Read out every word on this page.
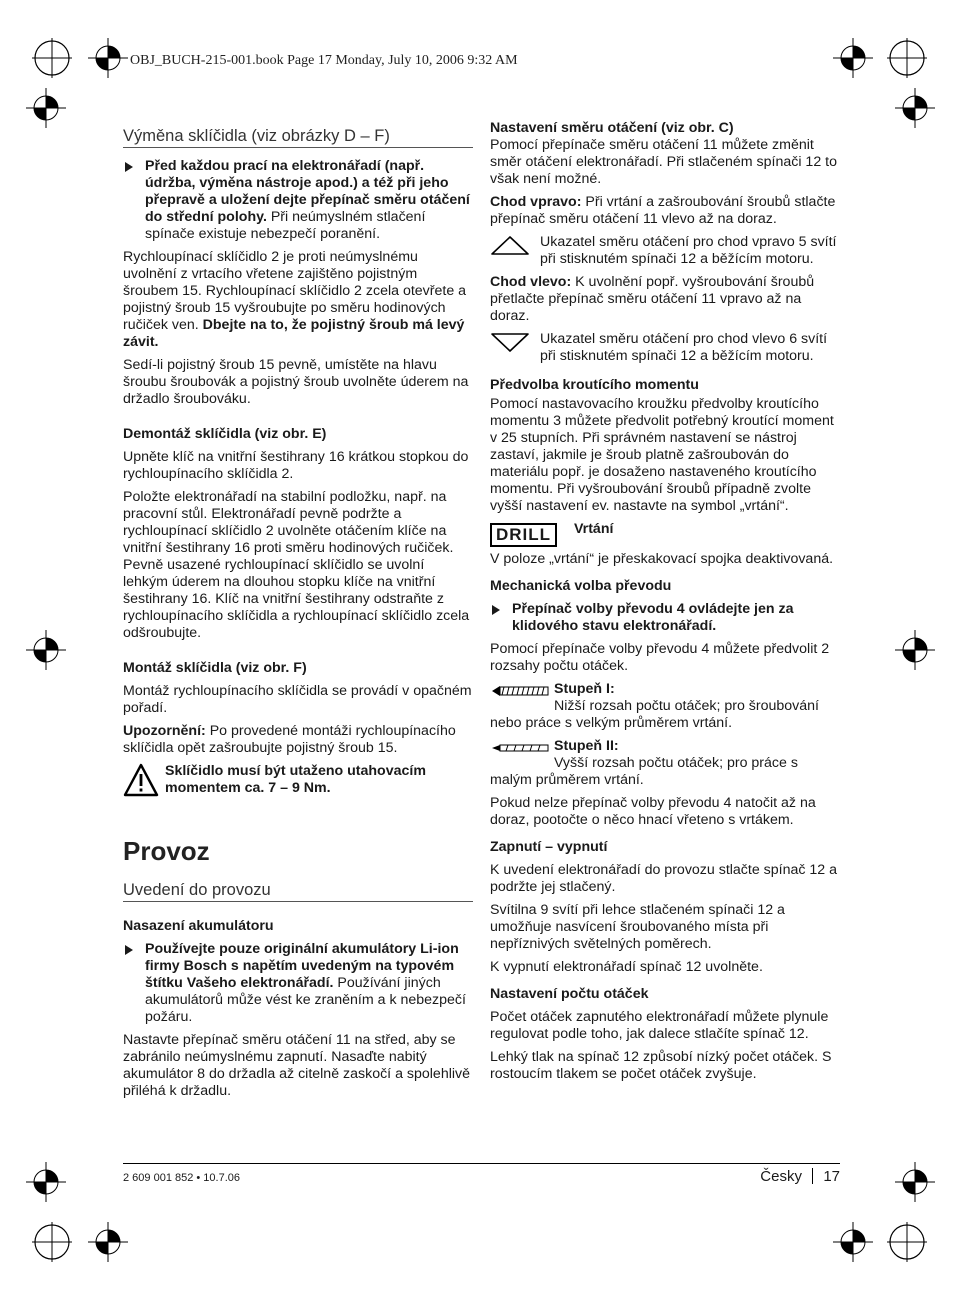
OBJ_BUCH-215-001.book Page 17 Monday, July 10, 2006 9:32 AM
Výměna sklíčidla (viz obrázky D – F)

Před každou prací na elektronářadí (např. údržba, výměna nástroje apod.) a též při jeho přepravě a uložení dejte přepínač směru otáčení do střední polohy. Při neúmyslném stlačení spínače existuje nebezpečí poranění.

Rychloupínací sklíčidlo 2 je proti neúmyslnému uvolnění z vrtacího vřetene zajištěno pojistným šroubem 15. Rychloupínací sklíčidlo 2 zcela otevřete a pojistný šroub 15 vyšroubujte po směru hodinových ručiček ven. Dbejte na to, že pojistný šroub má levý závit.

Sedí-li pojistný šroub 15 pevně, umístěte na hlavu šroubu šroubovák a pojistný šroub uvolněte úderem na držadlo šroubováku.

Demontáž sklíčidla (viz obr. E)

Upněte klíč na vnitřní šestihrany 16 krátkou stopkou do rychloupínacího sklíčidla 2.

Položte elektronářadí na stabilní podložku, např. na pracovní stůl. Elektronářadí pevně podržte a rychloupínací sklíčidlo 2 uvolněte otáčením klíče na vnitřní šestihrany 16 proti směru hodinových ručiček. Pevně usazené rychloupínací sklíčidlo se uvolní lehkým úderem na dlouhou stopku klíče na vnitřní šestihrany 16. Klíč na vnitřní šestihrany odstraňte z rychloupínacího sklíčidla a rychloupínací sklíčidlo zcela odšroubujte.

Montáž sklíčidla (viz obr. F)

Montáž rychloupínacího sklíčidla se provádí v opačném pořadí.

Upozornění: Po provedené montáži rychloupínacího sklíčidla opět zašroubujte pojistný šroub 15.

Sklíčidlo musí být utaženo utahovacím momentem ca. 7 – 9 Nm.
Provoz
Uvedení do provozu

Nasazení akumulátoru

Používejte pouze originální akumulátory Li-ion firmy Bosch s napětím uvedeným na typovém štítku Vašeho elektronářadí. Používání jiných akumulátorů může vést ke zraněním a k nebezpečí požáru.

Nastavte přepínač směru otáčení 11 na střed, aby se zabránilo neúmyslnému zapnutí. Nasaďte nabitý akumulátor 8 do držadla až citelně zaskočí a spolehlivě přiléhá k držadlu.

Nastavení směru otáčení (viz obr. C)

Pomocí přepínače směru otáčení 11 můžete změnit směr otáčení elektronářadí. Při stlačeném spínači 12 to však není možné.

Chod vpravo: Při vrtání a zašroubování šroubů stlačte přepínač směru otáčení 11 vlevo až na doraz.

Ukazatel směru otáčení pro chod vpravo 5 svítí při stisknutém spínači 12 a běžícím motoru.

Chod vlevo: K uvolnění popř. vyšroubování šroubů přetlačte přepínač směru otáčení 11 vpravo až na doraz.

Ukazatel směru otáčení pro chod vlevo 6 svítí při stisknutém spínači 12 a běžícím motoru.

Předvolba kroutícího momentu

Pomocí nastavovacího kroužku předvolby kroutícího momentu 3 můžete předvolit potřebný kroutící moment v 25 stupních. Při správném nastavení se nástroj zastaví, jakmile je šroub platně zašroubován do materiálu popř. je dosaženo nastaveného kroutícího momentu. Při vyšroubování šroubů případně zvolte vyšší nastavení ev. nastavte na symbol „vrtání“.

DRILL	Vrtání

V poloze „vrtání“ je přeskakovací spojka deaktivovaná.

Mechanická volba převodu

Přepínač volby převodu 4 ovládejte jen za klidového stavu elektronářadí.

Pomocí přepínače volby převodu 4 můžete předvolit 2 rozsahy počtu otáček.

Stupeň I:
Nižší rozsah počtu otáček; pro šroubování nebo práce s velkým průměrem vrtání.
Stupeň II:
Vyšší rozsah počtu otáček; pro práce s malým průměrem vrtání.

Pokud nelze přepínač volby převodu 4 natočit až na doraz, pootočte o něco hnací vřeteno s vrtákem.

Zapnutí – vypnutí

K uvedení elektronářadí do provozu stlačte spínač 12 a podržte jej stlačený.

Svítilna 9 svítí při lehce stlačeném spínači 12 a umožňuje nasvícení šroubovaného místa při nepříznivých světelných poměrech.

K vypnutí elektronářadí spínač 12 uvolněte.

Nastavení počtu otáček

Počet otáček zapnutého elektronářadí můžete plynule regulovat podle toho, jak dalece stlačíte spínač 12.

Lehký tlak na spínač 12 způsobí nízký počet otáček. S rostoucím tlakem se počet otáček zvyšuje.

2 609 001 852 • 10.7.06	Česky 17
